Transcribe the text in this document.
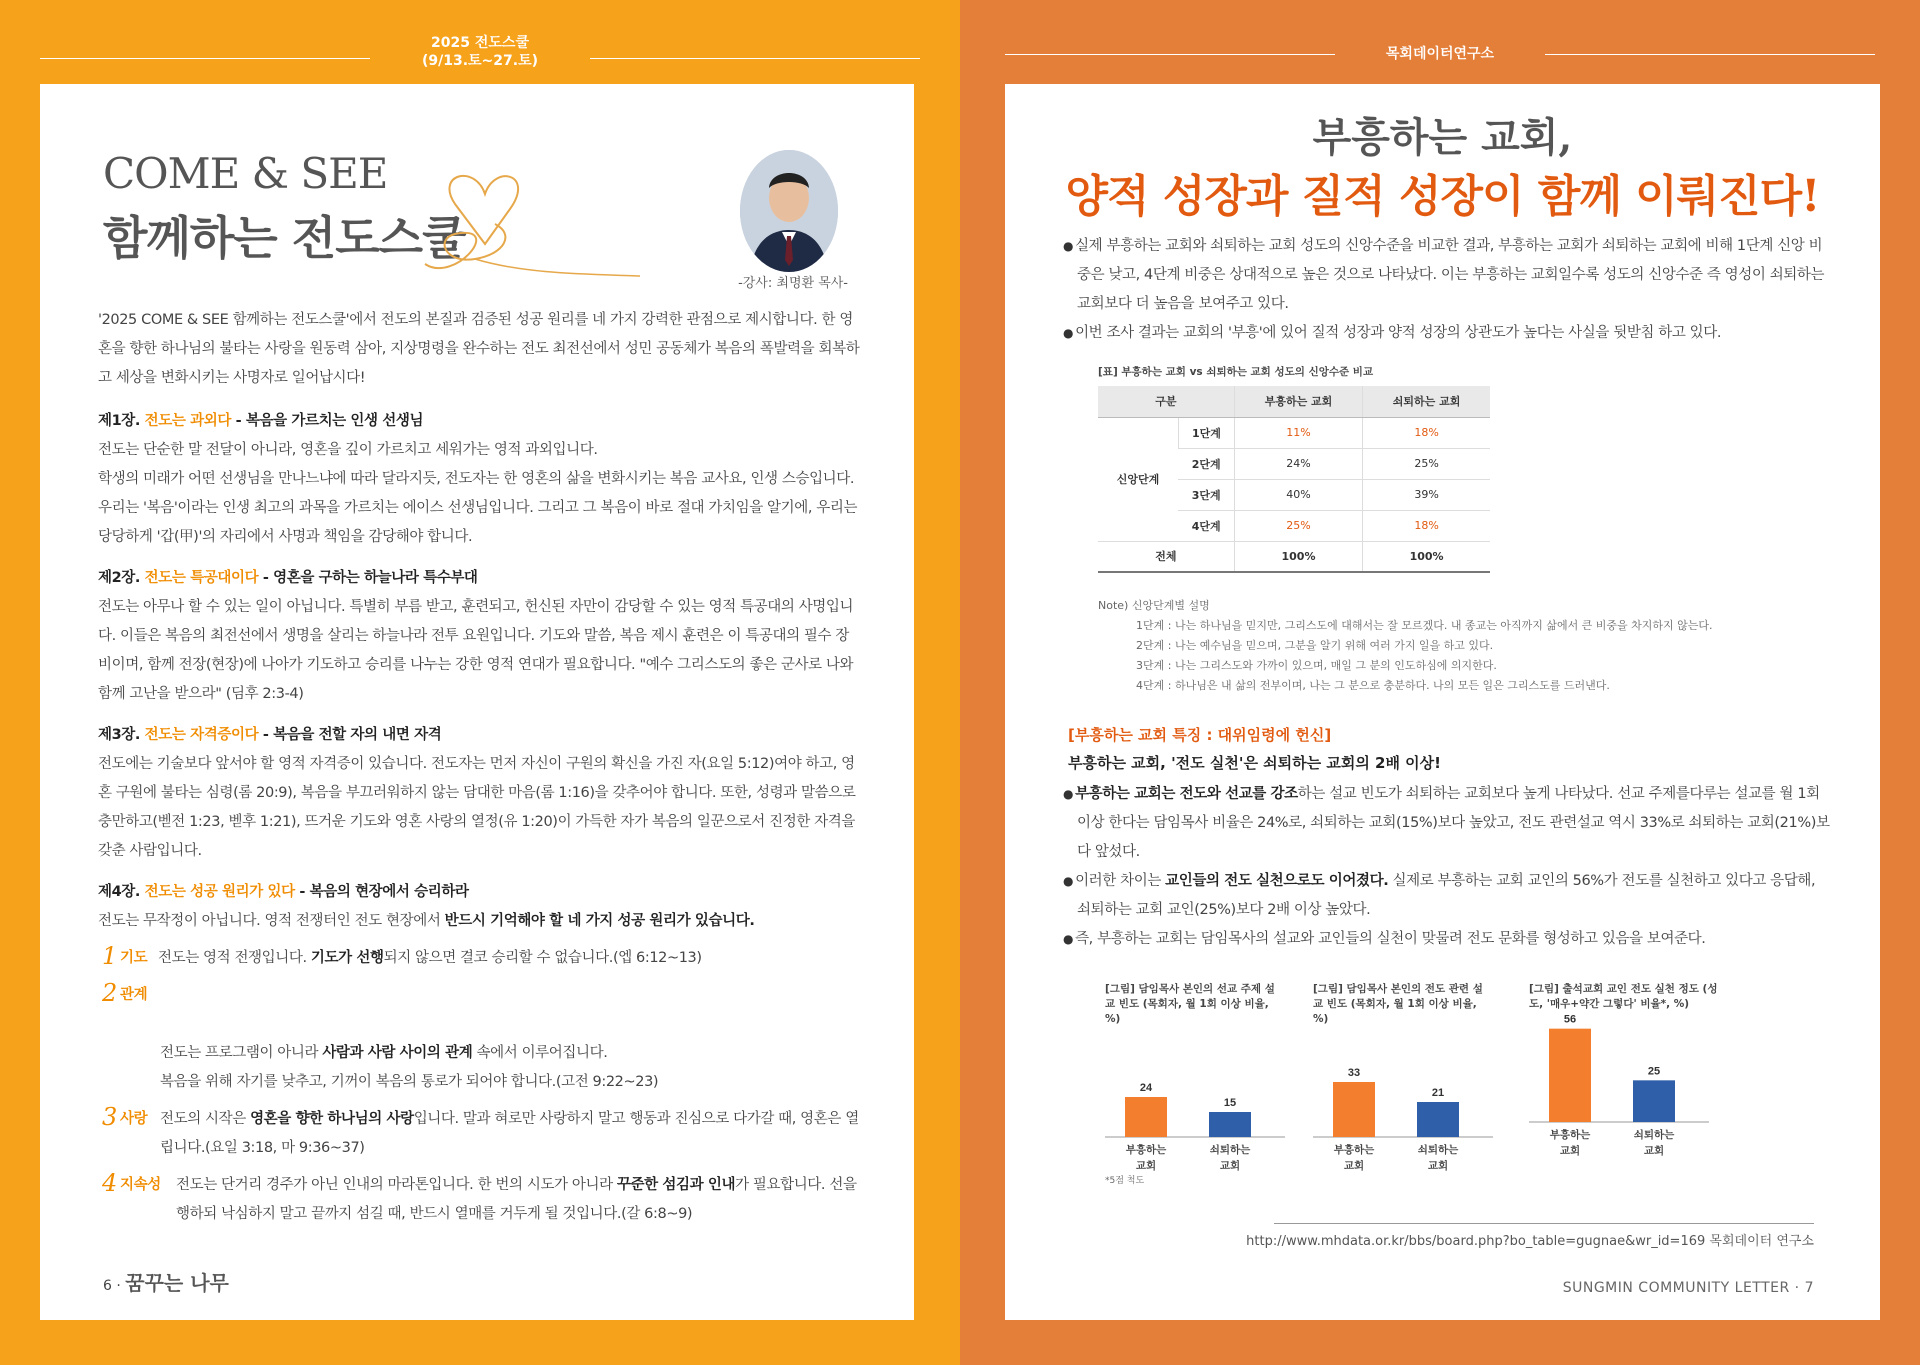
2025 전도스쿨
(9/13.토~27.토)
COME & SEE
함께하는 전도스쿨
-강사: 최명환 목사-

'2025 COME & SEE 함께하는 전도스쿨'에서 전도의 본질과 검증된 성공 원리를 네 가지 강력한 관점으로 제시합니다. 한 영혼을 향한 하나님의 불타는 사랑을 원동력 삼아, 지상명령을 완수하는 전도 최전선에서 성민 공동체가 복음의 폭발력을 회복하고 세상을 변화시키는 사명자로 일어납시다!

제1장. 전도는 과외다 - 복음을 가르치는 인생 선생님

전도는 단순한 말 전달이 아니라, 영혼을 깊이 가르치고 세워가는 영적 과외입니다.
학생의 미래가 어떤 선생님을 만나느냐에 따라 달라지듯, 전도자는 한 영혼의 삶을 변화시키는 복음 교사요, 인생 스승입니다. 우리는 '복음'이라는 인생 최고의 과목을 가르치는 에이스 선생님입니다. 그리고 그 복음이 바로 절대 가치임을 알기에, 우리는 당당하게 '갑(甲)'의 자리에서 사명과 책임을 감당해야 합니다.

제2장. 전도는 특공대이다 - 영혼을 구하는 하늘나라 특수부대

전도는 아무나 할 수 있는 일이 아닙니다. 특별히 부름 받고, 훈련되고, 헌신된 자만이 감당할 수 있는 영적 특공대의 사명입니다. 이들은 복음의 최전선에서 생명을 살리는 하늘나라 전투 요원입니다. 기도와 말씀, 복음 제시 훈련은 이 특공대의 필수 장비이며, 함께 전장(현장)에 나아가 기도하고 승리를 나누는 강한 영적 연대가 필요합니다. "예수 그리스도의 좋은 군사로 나와 함께 고난을 받으라" (딤후 2:3-4)

제3장. 전도는 자격증이다 - 복음을 전할 자의 내면 자격

전도에는 기술보다 앞서야 할 영적 자격증이 있습니다. 전도자는 먼저 자신이 구원의 확신을 가진 자(요일 5:12)여야 하고, 영혼 구원에 불타는 심령(롬 20:9), 복음을 부끄러워하지 않는 담대한 마음(롬 1:16)을 갖추어야 합니다. 또한, 성령과 말씀으로 충만하고(벧전 1:23, 벧후 1:21), 뜨거운 기도와 영혼 사랑의 열정(유 1:20)이 가득한 자가 복음의 일꾼으로서 진정한 자격을 갖춘 사람입니다.

제4장. 전도는 성공 원리가 있다 - 복음의 현장에서 승리하라

전도는 무작정이 아닙니다. 영적 전쟁터인 전도 현장에서 반드시 기억해야 할 네 가지 성공 원리가 있습니다.

1 기도 전도는 영적 전쟁입니다. 기도가 선행되지 않으면 결코 승리할 수 없습니다.(엡 6:12~13)

2 관계

전도는 프로그램이 아니라 사람과 사람 사이의 관계 속에서 이루어집니다.
복음을 위해 자기를 낮추고, 기꺼이 복음의 통로가 되어야 합니다.(고전 9:22~23)

3 사랑 전도의 시작은 영혼을 향한 하나님의 사랑입니다. 말과 혀로만 사랑하지 말고 행동과 진심으로 다가갈 때, 영혼은 열립니다.(요일 3:18, 마 9:36~37)
4 지속성 전도는 단거리 경주가 아닌 인내의 마라톤입니다. 한 번의 시도가 아니라 꾸준한 섬김과 인내가 필요합니다. 선을 행하되 낙심하지 말고 끝까지 섬길 때, 반드시 열매를 거두게 될 것입니다.(갈 6:8~9)
6 · 꿈꾸는 나무
목회데이터연구소
부흥하는 교회,
양적 성장과 질적 성장이 함께 이뤄진다!
● 실제 부흥하는 교회와 쇠퇴하는 교회 성도의 신앙수준을 비교한 결과, 부흥하는 교회가 쇠퇴하는 교회에 비해 1단계 신앙 비중은 낮고, 4단계 비중은 상대적으로 높은 것으로 나타났다. 이는 부흥하는 교회일수록 성도의 신앙수준 즉 영성이 쇠퇴하는 교회보다 더 높음을 보여주고 있다.
● 이번 조사 결과는 교회의 '부흥'에 있어 질적 성장과 양적 성장의 상관도가 높다는 사실을 뒷받침 하고 있다.
[표] 부흥하는 교회 vs 쇠퇴하는 교회 성도의 신앙수준 비교
구분		부흥하는 교회	쇠퇴하는 교회
신앙단계	1단계	11%	18%
	2단계	24%	25%
	3단계	40%	39%
	4단계	25%	18%
전체		100%	100%
Note) 신앙단계별 설명
1단계 : 나는 하나님을 믿지만, 그리스도에 대해서는 잘 모르겠다. 내 종교는 아직까지 삶에서 큰 비중을 차지하지 않는다.
2단계 : 나는 예수님을 믿으며, 그분을 알기 위해 여러 가지 일을 하고 있다.
3단계 : 나는 그리스도와 가까이 있으며, 매일 그 분의 인도하심에 의지한다.
4단계 : 하나님은 내 삶의 전부이며, 나는 그 분으로 충분하다. 나의 모든 일은 그리스도를 드러낸다.
[부흥하는 교회 특징 : 대위임령에 헌신]
부흥하는 교회, '전도 실천'은 쇠퇴하는 교회의 2배 이상!
● 부흥하는 교회는 전도와 선교를 강조하는 설교 빈도가 쇠퇴하는 교회보다 높게 나타났다. 선교 주제를다루는 설교를 월 1회 이상 한다는 담임목사 비율은 24%로, 쇠퇴하는 교회(15%)보다 높았고, 전도 관련설교 역시 33%로 쇠퇴하는 교회(21%)보다 앞섰다.
● 이러한 차이는 교인들의 전도 실천으로도 이어졌다. 실제로 부흥하는 교회 교인의 56%가 전도를 실천하고 있다고 응답해, 쇠퇴하는 교회 교인(25%)보다 2배 이상 높았다.
● 즉, 부흥하는 교회는 담임목사의 설교와 교인들의 실천이 맞물려 전도 문화를 형성하고 있음을 보여준다.
[그림] 담임목사 본인의 선교 주제 설교 빈도 (목회자, 월 1회 이상 비율, %)
24
부흥하는
교회
15
쇠퇴하는
교회
*5점 척도
[그림] 담임목사 본인의 전도 관련 설교 빈도 (목회자, 월 1회 이상 비율, %)
33
부흥하는
교회
21
쇠퇴하는
교회
[그림] 출석교회 교인 전도 실천 정도 (성도, '매우+약간 그렇다' 비율*, %)
56
부흥하는
교회
25
쇠퇴하는
교회
http://www.mhdata.or.kr/bbs/board.php?bo_table=gugnae&wr_id=169 목회데이터 연구소
SUNGMIN COMMUNITY LETTER · 7
